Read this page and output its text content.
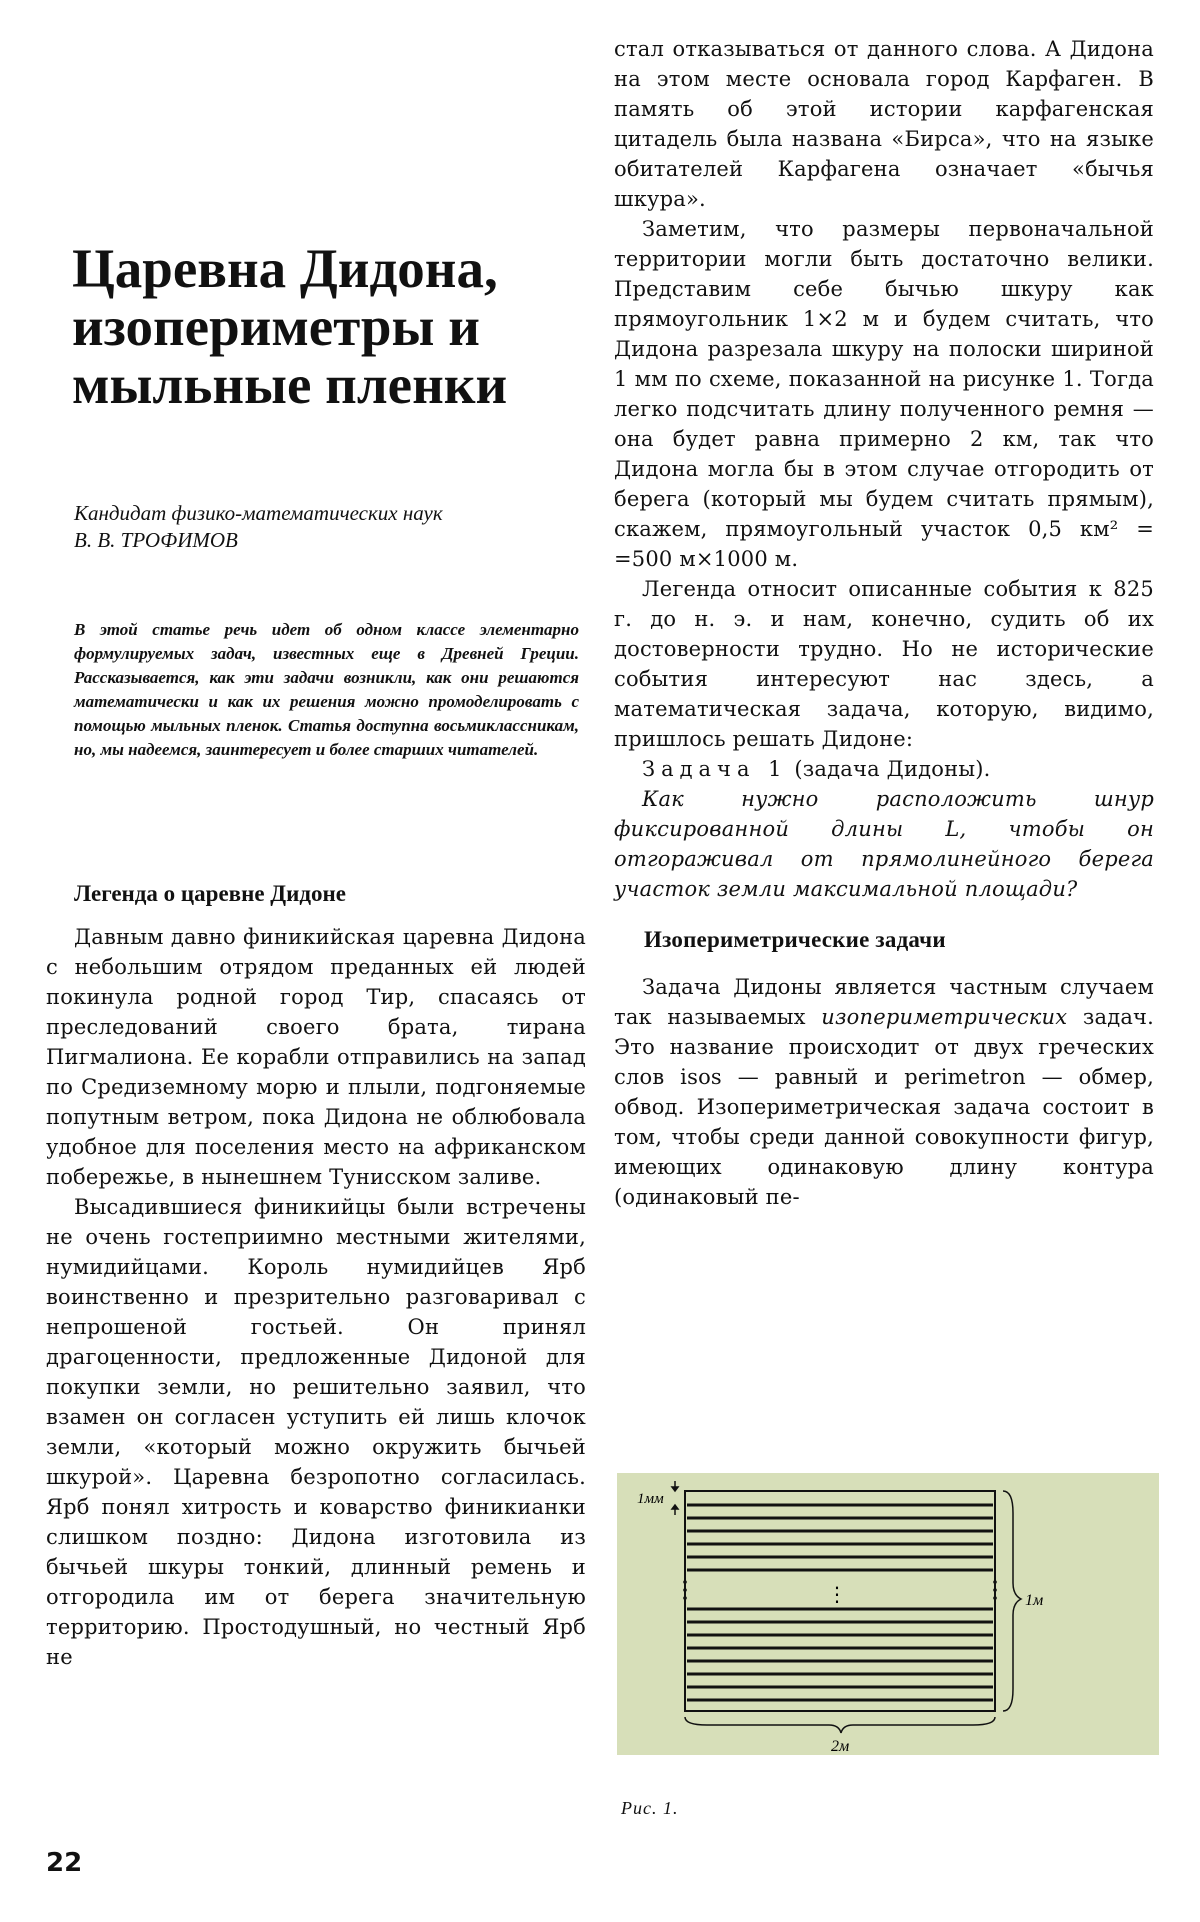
Царевна Дидона, изопериметры и мыльные пленки
Кандидат физико-математических наук
В. В. ТРОФИМОВ
В этой статье речь идет об одном классе элементарно формулируемых задач, известных еще в Древней Греции. Рассказывается, как эти задачи возникли, как они решаются математически и как их решения можно промоделировать с помощью мыльных пленок. Статья доступна восьмиклассникам, но, мы надеемся, заинтересует и более старших читателей.
Легенда о царевне Дидоне

Давным давно финикийская царевна Дидона с небольшим отрядом преданных ей людей покинула родной город Тир, спасаясь от преследований своего брата, тирана Пигмалиона. Ее корабли отправились на запад по Средиземному морю и плыли, подгоняемые попутным ветром, пока Дидона не облюбовала удобное для поселения место на африканском побережье, в нынешнем Тунисском заливе.

Высадившиеся финикийцы были встречены не очень гостеприимно местными жителями, нумидийцами. Король нумидийцев Ярб воинственно и презрительно разговаривал с непрошеной гостьей. Он принял драгоценности, предложенные Дидоной для покупки земли, но решительно заявил, что взамен он согласен уступить ей лишь клочок земли, «который можно окружить бычьей шкурой». Царевна безропотно согласилась. Ярб понял хитрость и коварство финикианки слишком поздно: Дидона изготовила из бычьей шкуры тонкий, длинный ремень и отгородила им от берега значительную территорию. Простодушный, но честный Ярб не

стал отказываться от данного слова. А Дидона на этом месте основала город Карфаген. В память об этой истории карфагенская цитадель была названа «Бирса», что на языке обитателей Карфагена означает «бычья шкура».

Заметим, что размеры первоначальной территории могли быть достаточно велики. Представим себе бычью шкуру как прямоугольник 1×2 м и будем считать, что Дидона разрезала шкуру на полоски шириной 1 мм по схеме, показанной на рисунке 1. Тогда легко подсчитать длину полученного ремня — она будет равна примерно 2 км, так что Дидона могла бы в этом случае отгородить от берега (который мы будем считать прямым), скажем, прямоугольный участок 0,5 км² = =500 м×1000 м.

Легенда относит описанные события к 825 г. до н. э. и нам, конечно, судить об их достоверности трудно. Но не исторические события интересуют нас здесь, а математическая задача, которую, видимо, пришлось решать Дидоне:

Задача 1 (задача Дидоны).

Как нужно расположить шнур фиксированной длины L, чтобы он отгораживал от прямолинейного берега участок земли максимальной площади?

Изопериметрические задачи

Задача Дидоны является частным случаем так называемых изопериметрических задач. Это название происходит от двух греческих слов isos — равный и perimetron — обмер, обвод. Изопериметрическая задача состоит в том, чтобы среди данной совокупности фигур, имеющих одинаковую длину контура (одинаковый пе-

1мм
⋮	1м
2м
Рис. 1.
22
